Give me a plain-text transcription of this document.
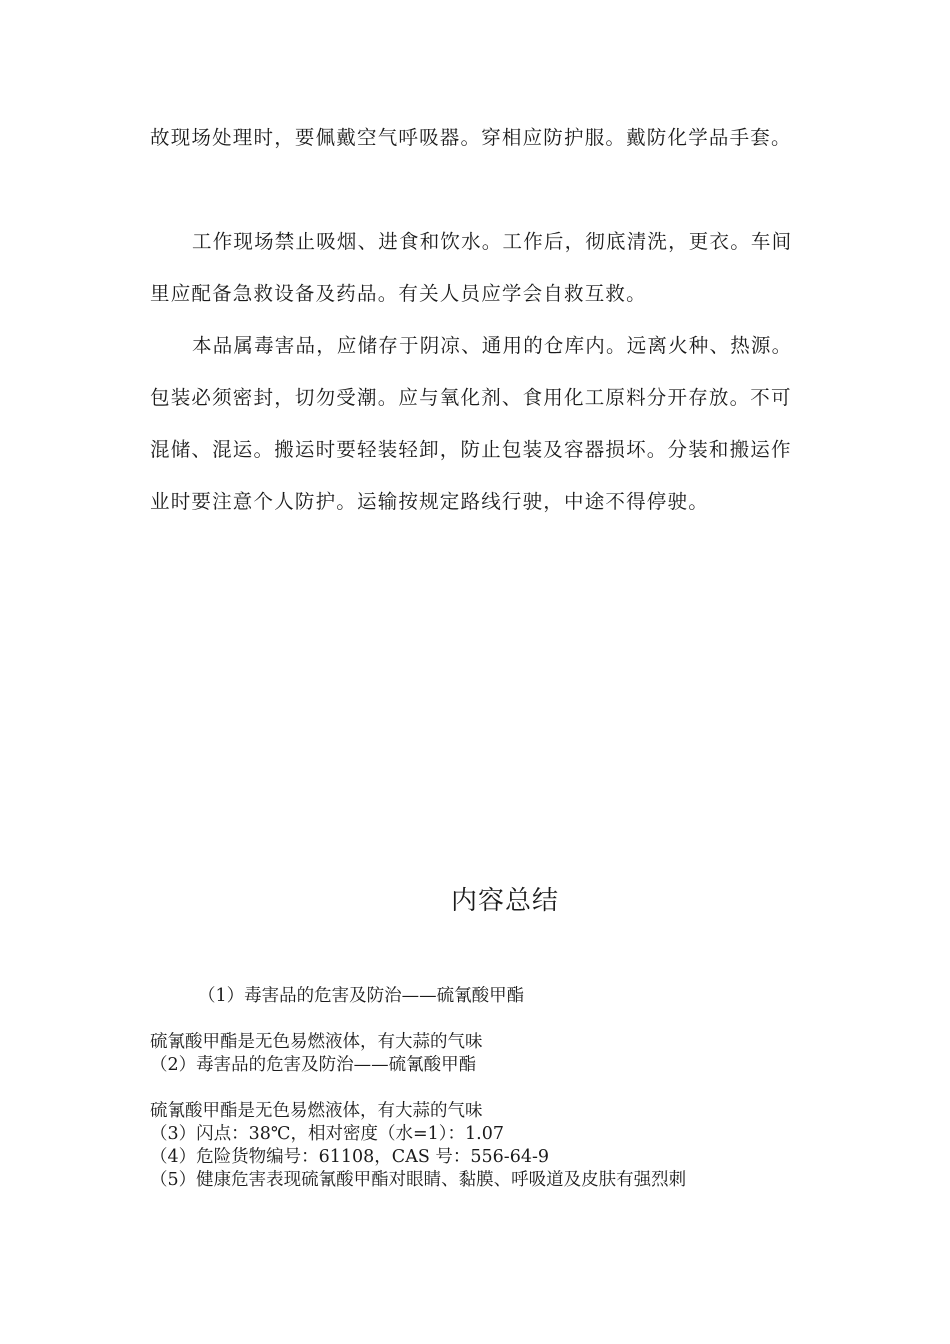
故现场处理时，要佩戴空气呼吸器。穿相应防护服。戴防化学品手套。

工作现场禁止吸烟、进食和饮水。工作后，彻底清洗，更衣。车间里应配备急救设备及药品。有关人员应学会自救互救。

本品属毒害品，应储存于阴凉、通用的仓库内。远离火种、热源。包装必须密封，切勿受潮。应与氧化剂、食用化工原料分开存放。不可混储、混运。搬运时要轻装轻卸，防止包装及容器损坏。分装和搬运作业时要注意个人防护。运输按规定路线行驶，中途不得停驶。

内容总结
（1）毒害品的危害及防治——硫氰酸甲酯
硫氰酸甲酯是无色易燃液体，有大蒜的气味
（2）毒害品的危害及防治——硫氰酸甲酯
硫氰酸甲酯是无色易燃液体，有大蒜的气味
（3）闪点：38℃，相对密度（水=1）：1.07
（4）危险货物编号：61108，CAS 号：556-64-9
（5）健康危害表现硫氰酸甲酯对眼睛、黏膜、呼吸道及皮肤有强烈刺
